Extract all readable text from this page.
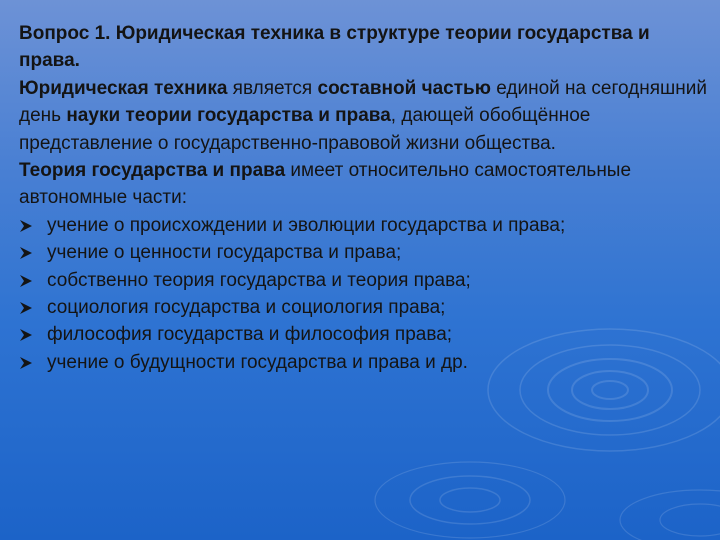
Вопрос 1. Юридическая техника в структуре теории государства и права.

Юридическая техника является составной частью единой на сегодняшний день науки теории государства и права, дающей обобщённое представление о государственно-правовой жизни общества.

Теория государства и права имеет относительно самостоятельные автономные части:

учение о происхождении и эволюции государства и права;
учение о ценности государства и права;
собственно теория государства и теория права;
социология государства и социология права;
философия государства и философия права;
учение о будущности государства и права и др.
